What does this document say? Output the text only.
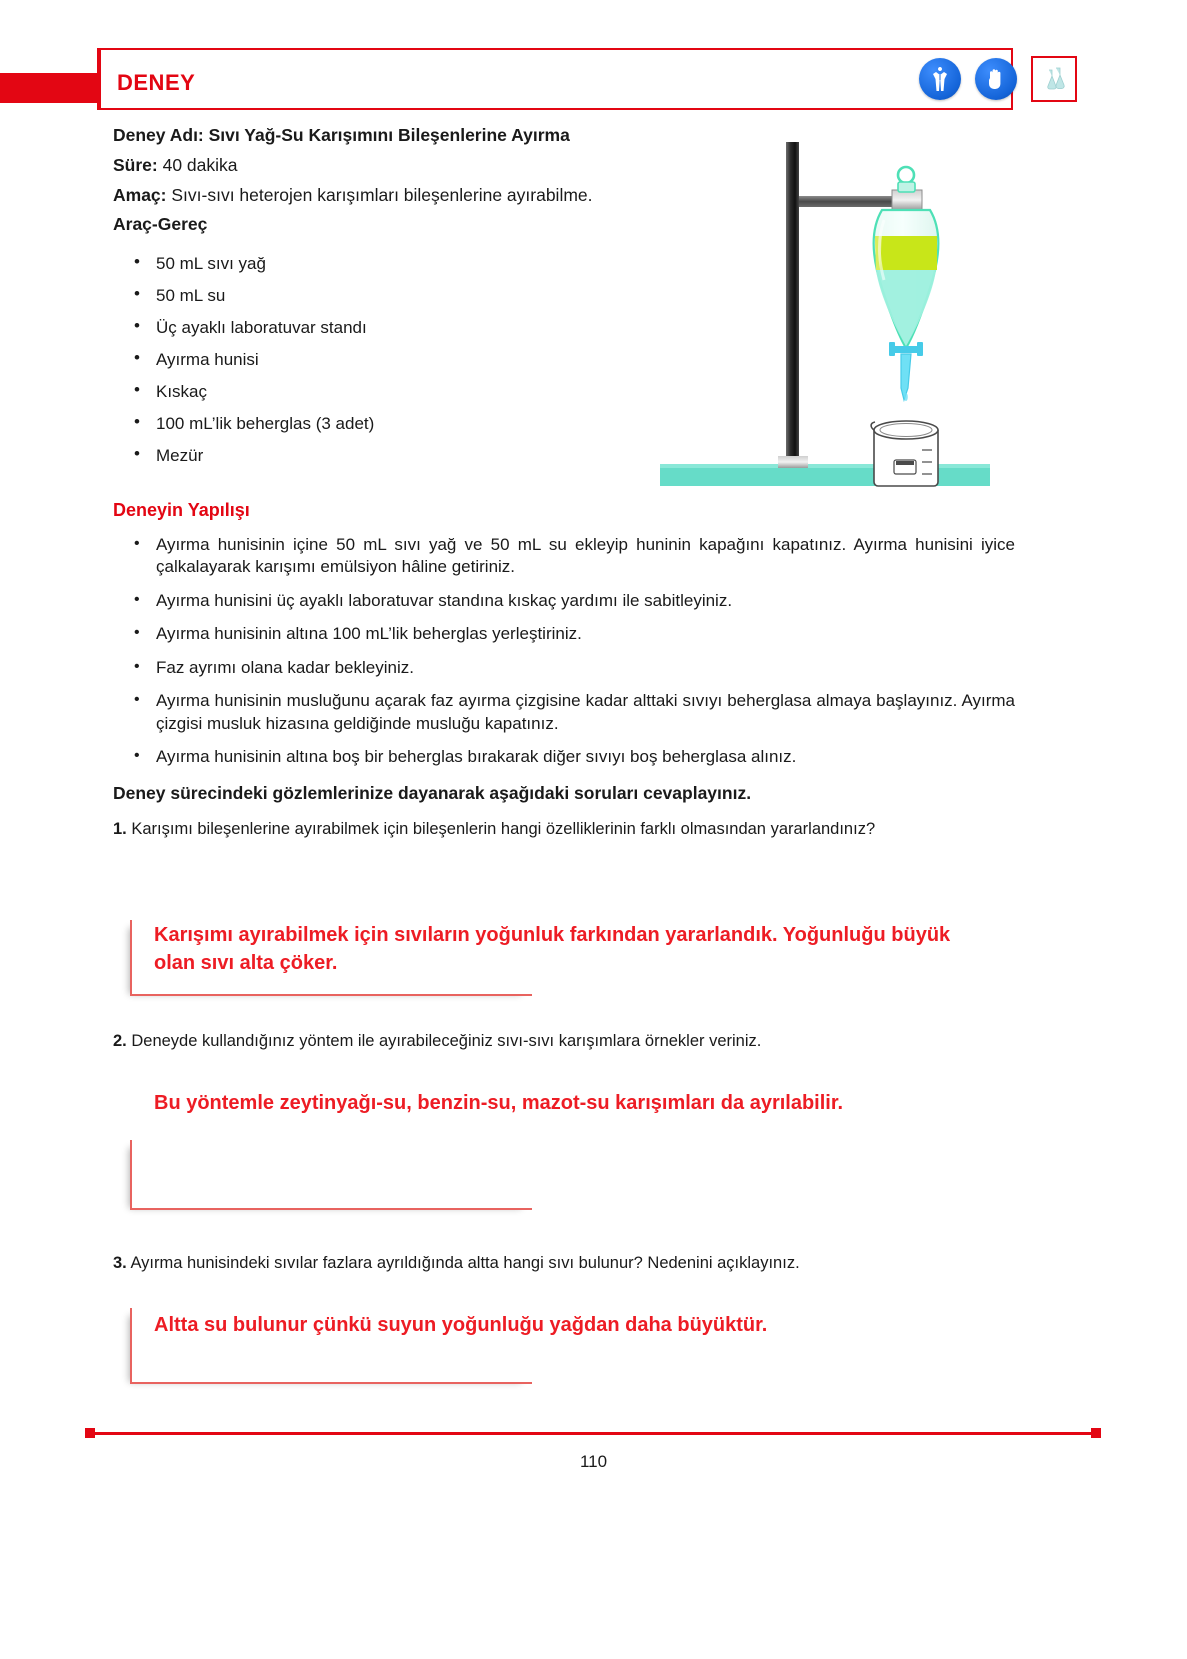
DENEY

Deney Adı: Sıvı Yağ-Su Karışımını Bileşenlerine Ayırma

Süre: 40 dakika

Amaç: Sıvı-sıvı heterojen karışımları bileşenlerine ayırabilme.

Araç-Gereç

• 50 mL sıvı yağ
• 50 mL su
• Üç ayaklı laboratuvar standı
• Ayırma hunisi
• Kıskaç
• 100 mL’lik beherglas (3 adet)
• Mezür
Deneyin Yapılışı
• Ayırma hunisinin içine 50 mL sıvı yağ ve 50 mL su ekleyip huninin kapağını kapatınız. Ayırma hunisini iyice çalkalayarak karışımı emülsiyon hâline getiriniz.
• Ayırma hunisini üç ayaklı laboratuvar standına kıskaç yardımı ile sabitleyiniz.
• Ayırma hunisinin altına 100 mL’lik beherglas yerleştiriniz.
• Faz ayrımı olana kadar bekleyiniz.
• Ayırma hunisinin musluğunu açarak faz ayırma çizgisine kadar alttaki sıvıyı beherglasa almaya başlayınız. Ayırma çizgisi musluk hizasına geldiğinde musluğu kapatınız.
• Ayırma hunisinin altına boş bir beherglas bırakarak diğer sıvıyı boş beherglasa alınız.
Deney sürecindeki gözlemlerinize dayanarak aşağıdaki soruları cevaplayınız.
1. Karışımı bileşenlerine ayırabilmek için bileşenlerin hangi özelliklerinin farklı olmasından yararlandınız?
Karışımı ayırabilmek için sıvıların yoğunluk farkından yararlandık. Yoğunluğu büyük olan sıvı alta çöker.
2. Deneyde kullandığınız yöntem ile ayırabileceğiniz sıvı-sıvı karışımlara örnekler veriniz.
Bu yöntemle zeytinyağı-su, benzin-su, mazot-su karışımları da ayrılabilir.
3. Ayırma hunisindeki sıvılar fazlara ayrıldığında altta hangi sıvı bulunur? Nedenini açıklayınız.
Altta su bulunur çünkü suyun yoğunluğu yağdan daha büyüktür.
110
